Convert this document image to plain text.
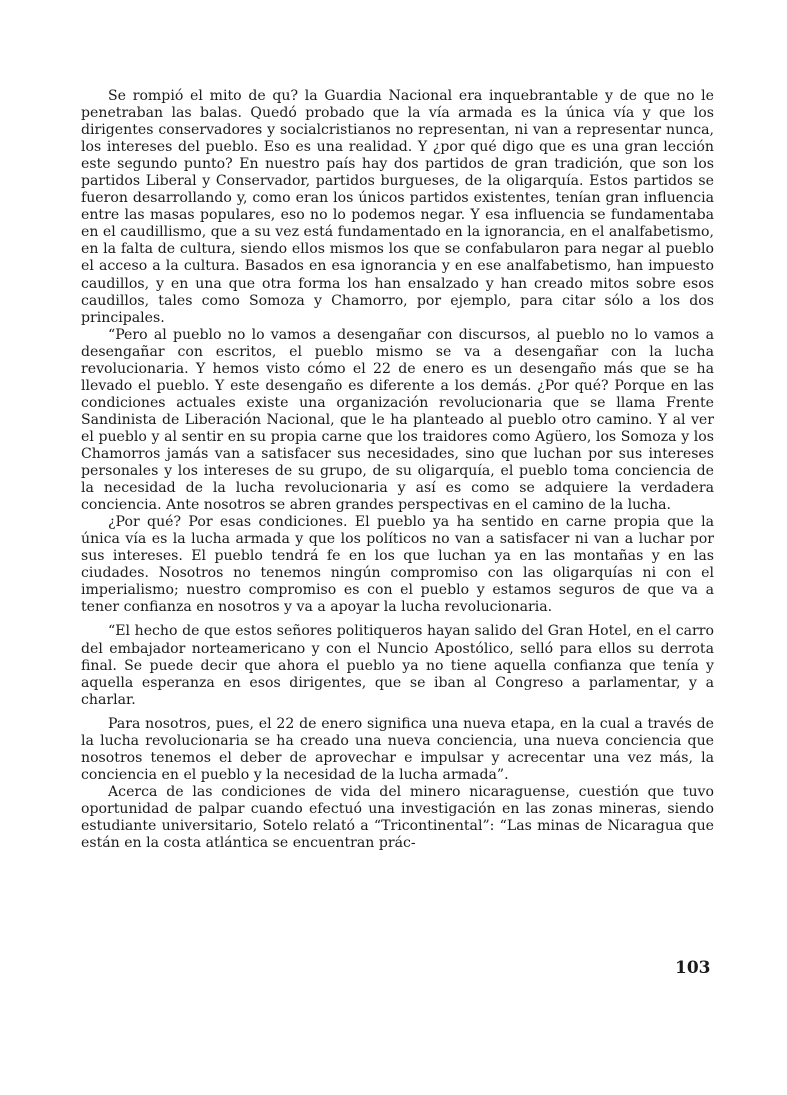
Se rompió el mito de qu? la Guardia Nacional era inquebrantable y de que no le penetraban las balas. Quedó probado que la vía armada es la única vía y que los dirigentes conservadores y socialcristianos no representan, ni van a representar nunca, los intereses del pueblo. Eso es una realidad. Y ¿por qué digo que es una gran lección este segundo punto? En nuestro país hay dos partidos de gran tradición, que son los partidos Liberal y Conservador, partidos burgueses, de la oligarquía. Estos partidos se fueron desarrollando y, como eran los únicos partidos existentes, tenían gran influencia entre las masas populares, eso no lo podemos negar. Y esa influencia se fundamentaba en el caudillismo, que a su vez está fundamentado en la ignorancia, en el analfabetismo, en la falta de cultura, siendo ellos mismos los que se confabularon para negar al pueblo el acceso a la cultura. Basados en esa ignorancia y en ese analfabetismo, han impuesto caudillos, y en una que otra forma los han ensalzado y han creado mitos sobre esos caudillos, tales como Somoza y Chamorro, por ejemplo, para citar sólo a los dos principales.

“Pero al pueblo no lo vamos a desengañar con discursos, al pueblo no lo vamos a desengañar con escritos, el pueblo mismo se va a desengañar con la lucha revolucionaria. Y hemos visto cómo el 22 de enero es un desengaño más que se ha llevado el pueblo. Y este desengaño es diferente a los demás. ¿Por qué? Porque en las condiciones actuales existe una organización revolucionaria que se llama Frente Sandinista de Liberación Nacional, que le ha planteado al pueblo otro camino. Y al ver el pueblo y al sentir en su propia carne que los traidores como Agüero, los Somoza y los Chamorros jamás van a satisfacer sus necesidades, sino que luchan por sus intereses personales y los intereses de su grupo, de su oligarquía, el pueblo toma conciencia de la necesidad de la lucha revolucionaria y así es como se adquiere la verdadera conciencia. Ante nosotros se abren grandes perspectivas en el camino de la lucha.

¿Por qué? Por esas condiciones. El pueblo ya ha sentido en carne propia que la única vía es la lucha armada y que los políticos no van a satisfacer ni van a luchar por sus intereses. El pueblo tendrá fe en los que luchan ya en las montañas y en las ciudades. Nosotros no tenemos ningún compromiso con las oligarquías ni con el imperialismo; nuestro compromiso es con el pueblo y estamos seguros de que va a tener confianza en nosotros y va a apoyar la lucha revolucionaria.

“El hecho de que estos señores politiqueros hayan salido del Gran Hotel, en el carro del embajador norteamericano y con el Nuncio Apostólico, selló para ellos su derrota final. Se puede decir que ahora el pueblo ya no tiene aquella confianza que tenía y aquella esperanza en esos dirigentes, que se iban al Congreso a parlamentar, y a charlar.

Para nosotros, pues, el 22 de enero significa una nueva etapa, en la cual a través de la lucha revolucionaria se ha creado una nueva conciencia, una nueva conciencia que nosotros tenemos el deber de aprovechar e impulsar y acrecentar una vez más, la conciencia en el pueblo y la necesidad de la lucha armada”.

Acerca de las condiciones de vida del minero nicaraguense, cuestión que tuvo oportunidad de palpar cuando efectuó una investigación en las zonas mineras, siendo estudiante universitario, Sotelo relató a “Tricontinental”: “Las minas de Nicaragua que están en la costa atlántica se encuentran prác-

103
